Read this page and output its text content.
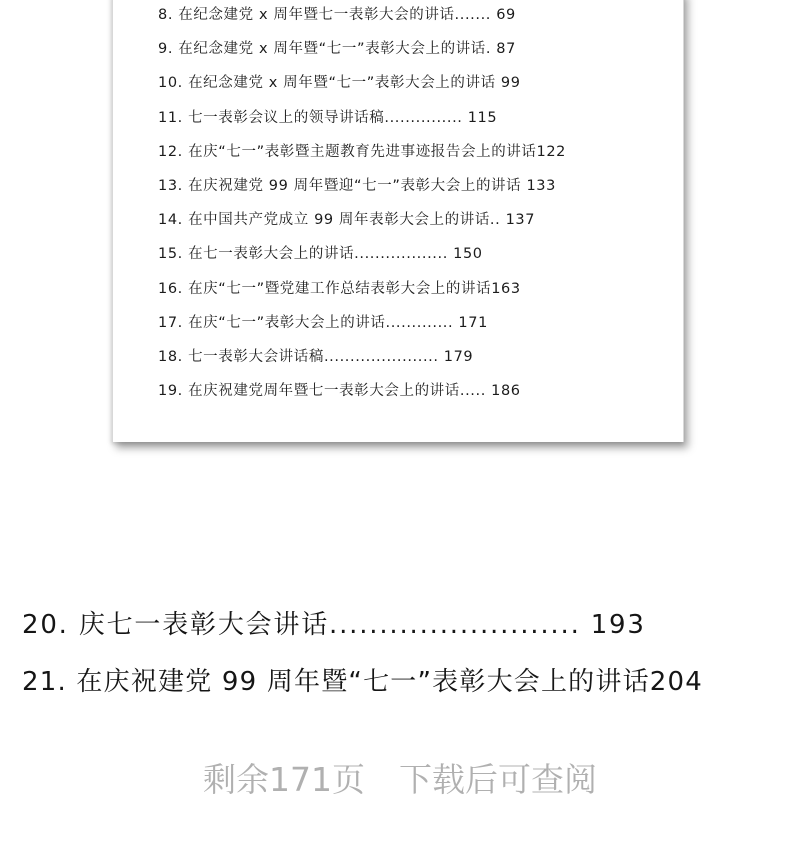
8. 在纪念建党 x 周年暨七一表彰大会的讲话....... 69
9. 在纪念建党 x 周年暨“七一”表彰大会上的讲话. 87
10. 在纪念建党 x 周年暨“七一”表彰大会上的讲话 99
11. 七一表彰会议上的领导讲话稿............... 115
12. 在庆“七一”表彰暨主题教育先进事迹报告会上的讲话122
13. 在庆祝建党 99 周年暨迎“七一”表彰大会上的讲话 133
14. 在中国共产党成立 99 周年表彰大会上的讲话.. 137
15. 在七一表彰大会上的讲话.................. 150
16. 在庆“七一”暨党建工作总结表彰大会上的讲话163
17. 在庆“七一”表彰大会上的讲话............. 171
18. 七一表彰大会讲话稿...................... 179
19. 在庆祝建党周年暨七一表彰大会上的讲话..... 186
20. 庆七一表彰大会讲话......................... 193
21. 在庆祝建党 99 周年暨“七一”表彰大会上的讲话204
剩余171页 下载后可查阅
